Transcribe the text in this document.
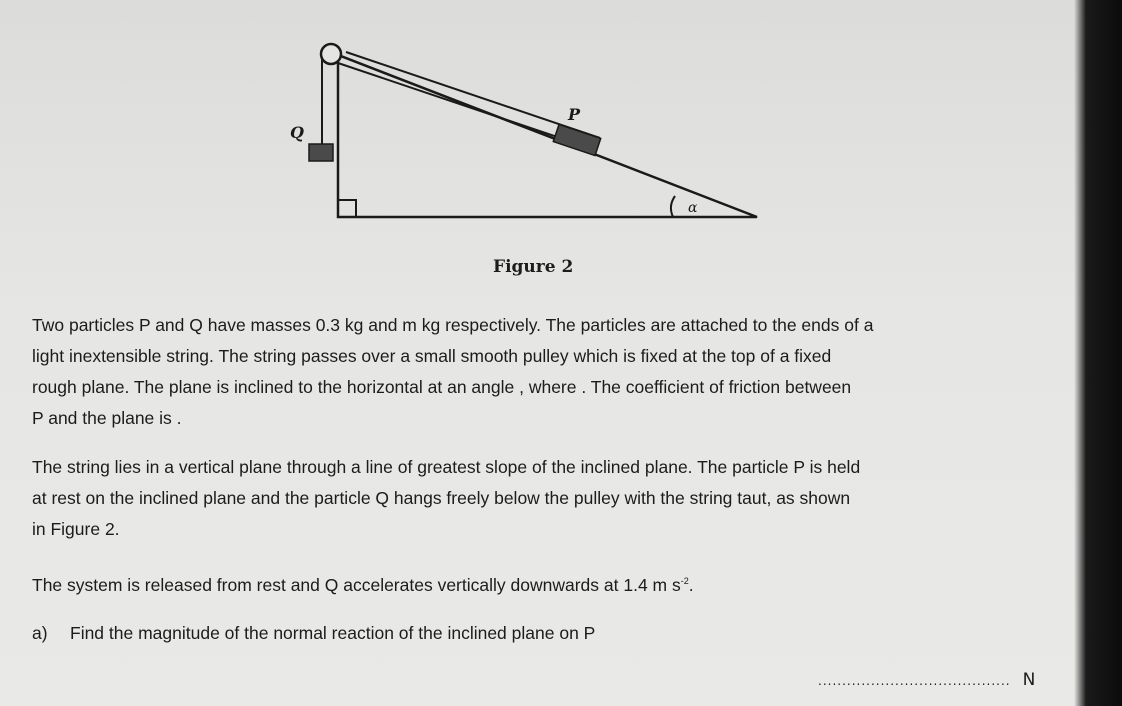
P
Q
α
Figure 2

Two particles P and Q have masses 0.3 kg and m kg respectively. The particles are attached to the ends of a

light inextensible string. The string passes over a small smooth pulley which is fixed at the top of a fixed

rough plane. The plane is inclined to the horizontal at an angle , where . The coefficient of friction between

P and the plane is .

The string lies in a vertical plane through a line of greatest slope of the inclined plane. The particle P is held

at rest on the inclined plane and the particle Q hangs freely below the pulley with the string taut, as shown

in Figure 2.

The system is released from rest and Q accelerates vertically downwards at 1.4 m $s^{-2}$.

a) Find the magnitude of the normal reaction of the inclined plane on P
........................................ N
